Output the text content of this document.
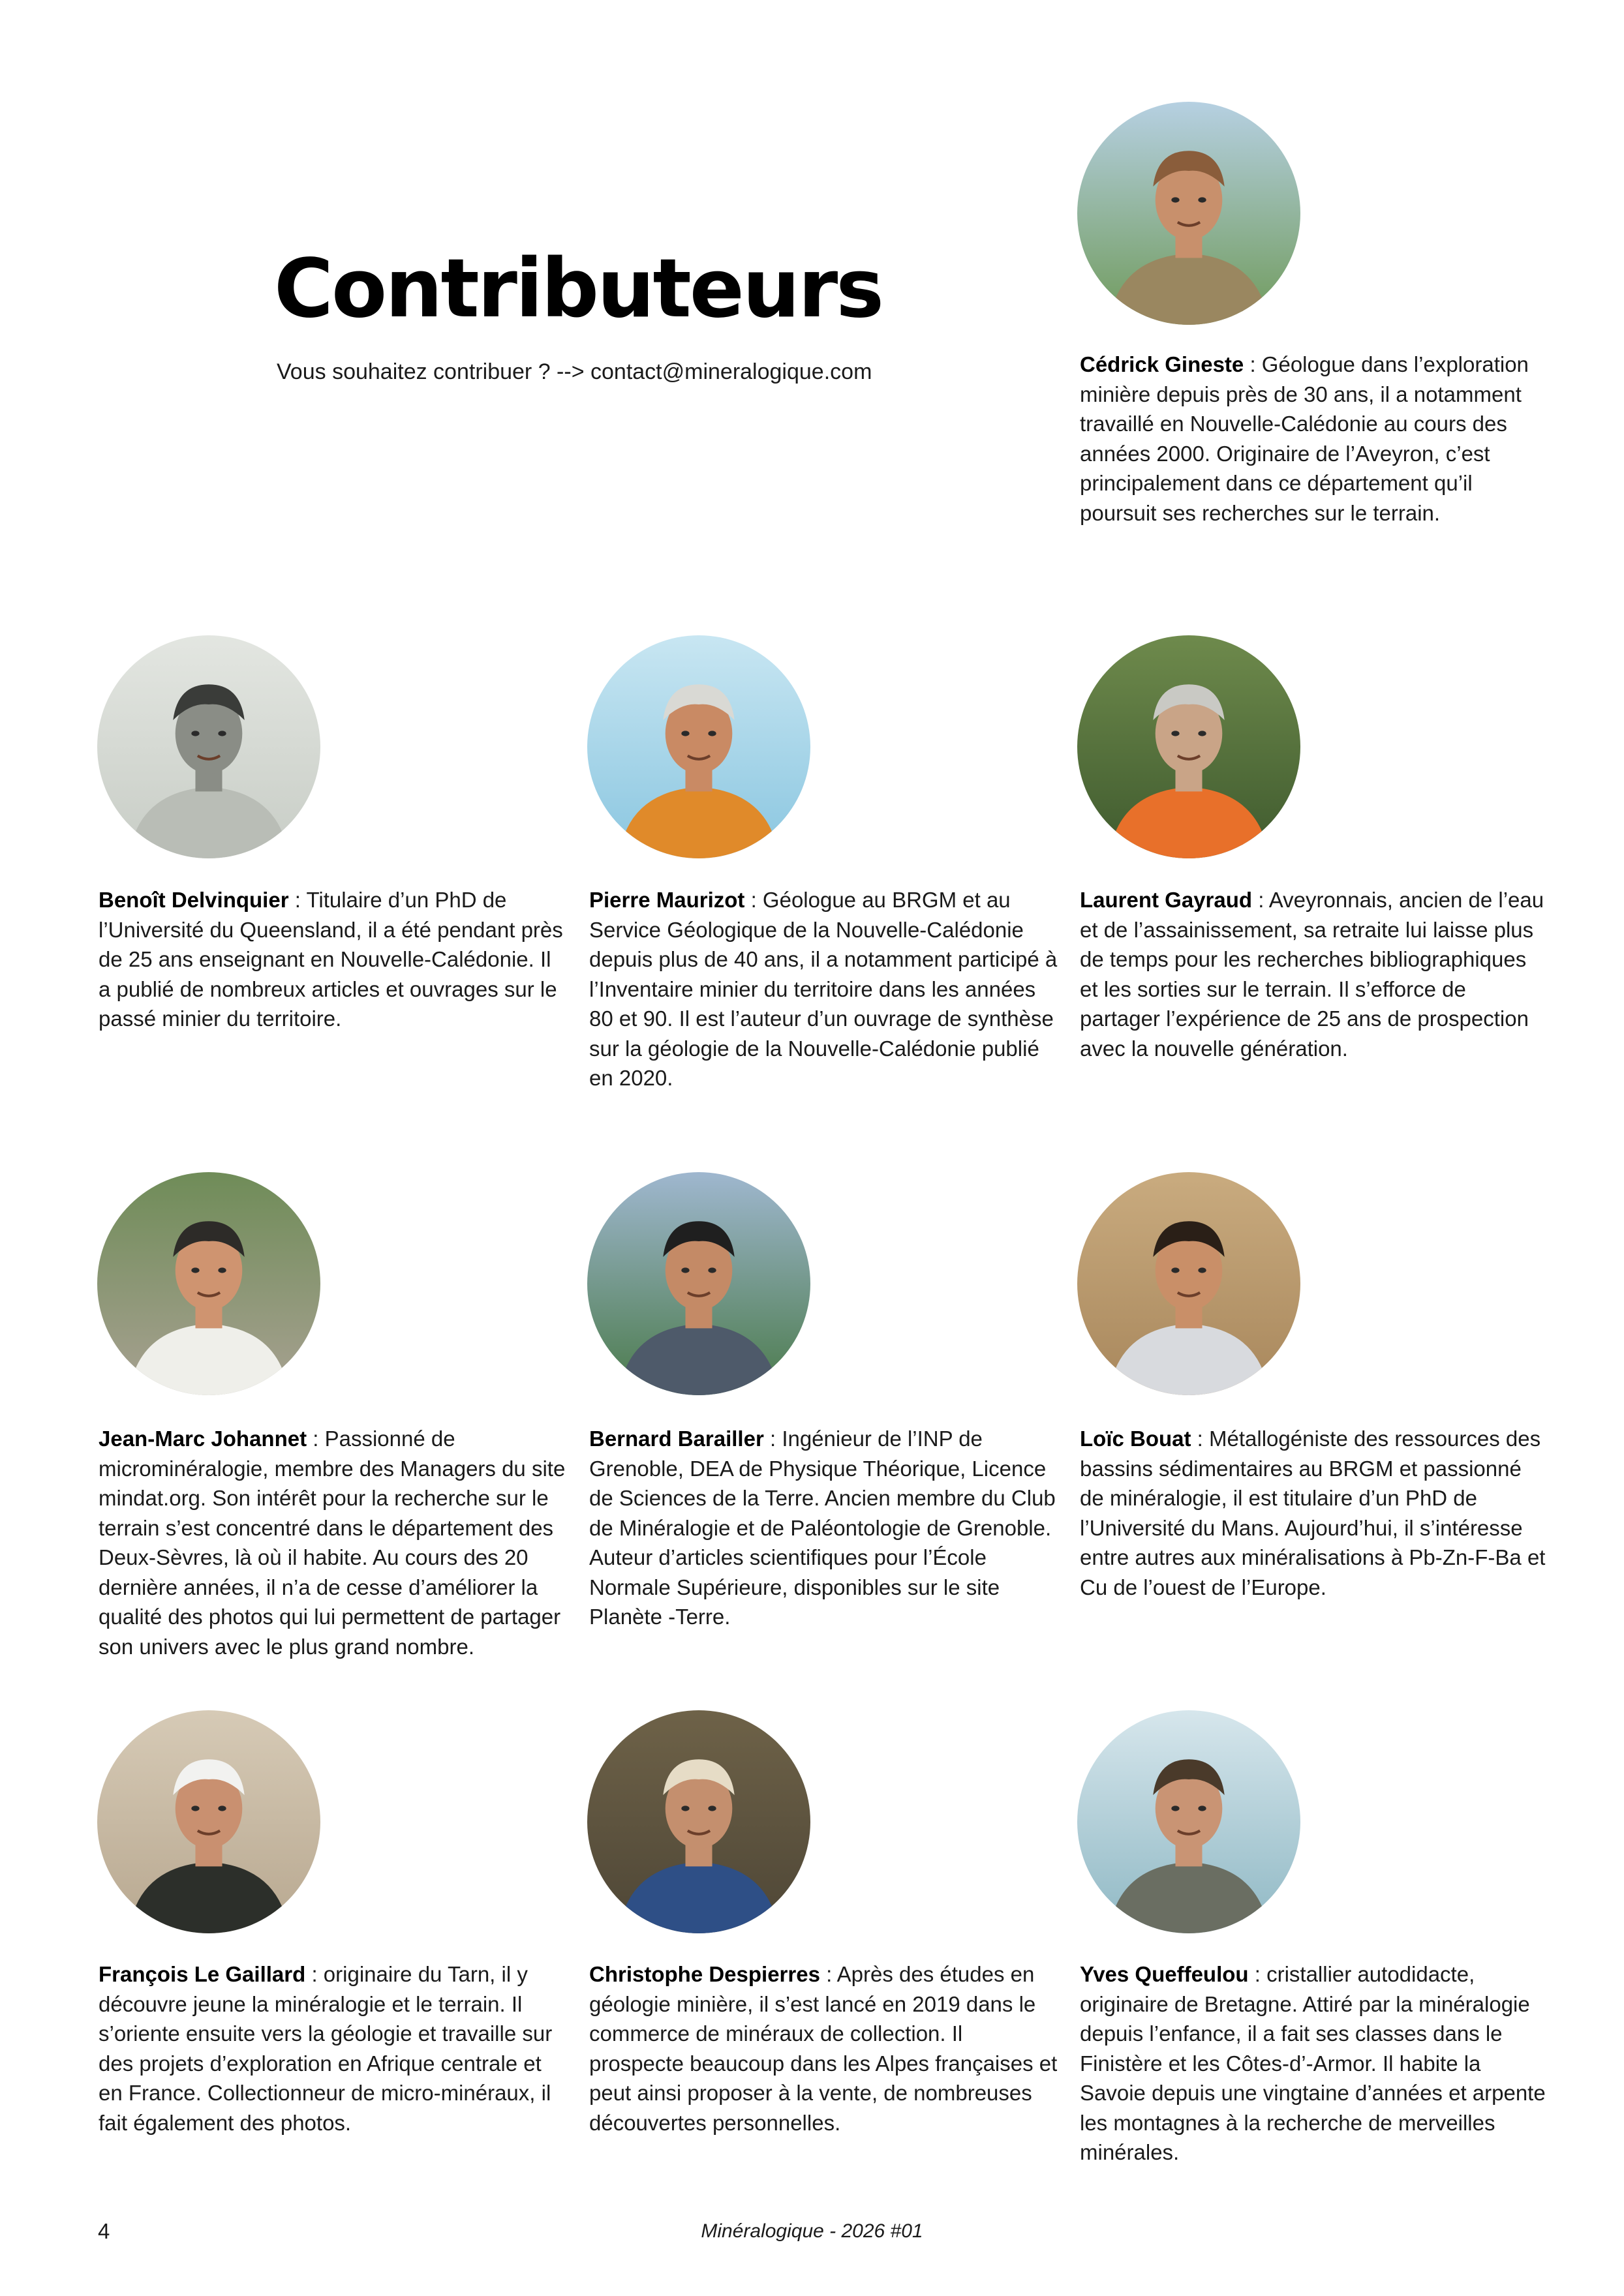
Contributeurs
Vous souhaitez contribuer ? --> contact@mineralogique.com	Cédrick Gineste : Géologue dans l’exploration minière depuis près de 30 ans, il a notamment travaillé en Nouvelle-Calédonie au cours des années 2000. Originaire de l’Aveyron, c’est principalement dans ce département qu’il poursuit ses recherches sur le terrain.

Benoît Delvinquier : Titulaire d’un PhD de l’Université du Queensland, il a été pendant près de 25 ans enseignant en Nouvelle-Calédonie. Il a publié de nombreux articles et ouvrages sur le passé minier du territoire.

Pierre Maurizot : Géologue au BRGM et au Service Géologique de la Nouvelle-Calédonie depuis plus de 40 ans, il a notamment participé à l’Inventaire minier du territoire dans les années 80 et 90. Il est l’auteur d’un ouvrage de synthèse sur la géologie de la Nouvelle-Calédonie publié en 2020.

Laurent Gayraud : Aveyronnais, ancien de l’eau et de l’assainissement, sa retraite lui laisse plus de temps pour les recherches bibliographiques et les sorties sur le terrain. Il s’efforce de partager l’expérience de 25 ans de prospection avec la nouvelle génération.

Jean-Marc Johannet : Passionné de microminéralogie, membre des Managers du site mindat.org. Son intérêt pour la recherche sur le terrain s’est concentré dans le département des Deux-Sèvres, là où il habite. Au cours des 20 dernière années, il n’a de cesse d’améliorer la qualité des photos qui lui permettent de partager son univers avec le plus grand nombre.

Bernard Barailler : Ingénieur de l’INP de Grenoble, DEA de Physique Théorique, Licence de Sciences de la Terre. Ancien membre du Club de Minéralogie et de Paléontologie de Grenoble. Auteur d’articles scientifiques pour l’École Normale Supérieure, disponibles sur le site Planète -Terre.

Loïc Bouat : Métallogéniste des ressources des bassins sédimentaires au BRGM et passionné de minéralogie, il est titulaire d’un PhD de l’Université du Mans. Aujourd’hui, il s’intéresse entre autres aux minéralisations à Pb-Zn-F-Ba et Cu de l’ouest de l’Europe.

François Le Gaillard : originaire du Tarn, il y découvre jeune la minéralogie et le terrain. Il s’oriente ensuite vers la géologie et travaille sur des projets d’exploration en Afrique centrale et en France. Collectionneur de micro-minéraux, il fait également des photos.

Christophe Despierres : Après des études en géologie minière, il s’est lancé en 2019 dans le commerce de minéraux de collection. Il prospecte beaucoup dans les Alpes françaises et peut ainsi proposer à la vente, de nombreuses découvertes personnelles.

Yves Queffeulou : cristallier autodidacte, originaire de Bretagne. Attiré par la minéralogie depuis l’enfance, il a fait ses classes dans le Finistère et les Côtes-d’-Armor. Il habite la Savoie depuis une vingtaine d’années et arpente les montagnes à la recherche de merveilles minérales.

4	Minéralogique - 2026 #01
